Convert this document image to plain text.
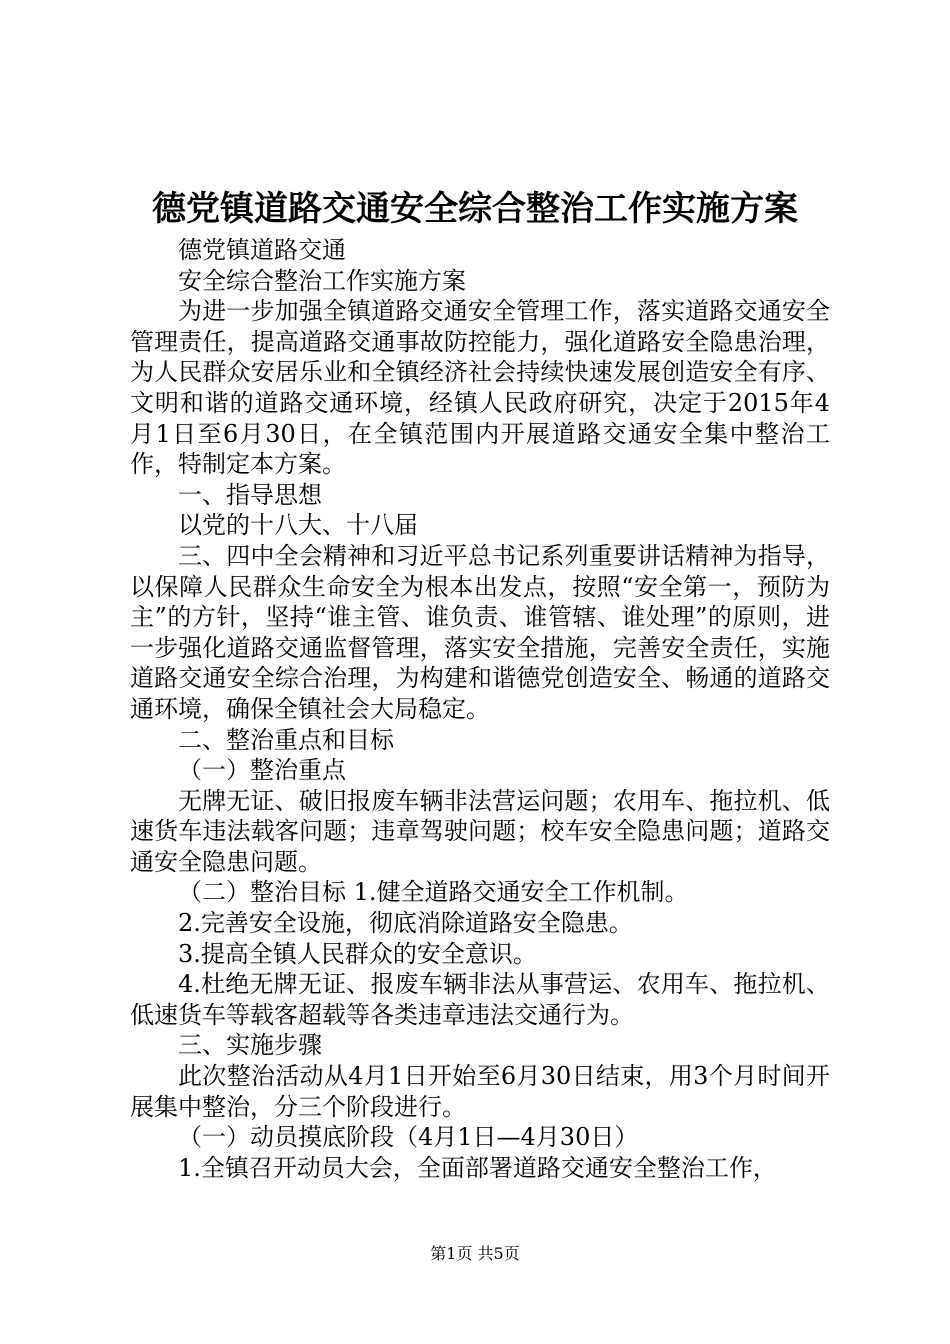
德党镇道路交通安全综合整治工作实施方案

德党镇道路交通

安全综合整治工作实施方案

为进一步加强全镇道路交通安全管理工作，落实道路交通安全管理责任，提高道路交通事故防控能力，强化道路安全隐患治理，为人民群众安居乐业和全镇经济社会持续快速发展创造安全有序、文明和谐的道路交通环境，经镇人民政府研究，决定于2015年4月1日至6月30日，在全镇范围内开展道路交通安全集中整治工作，特制定本方案。

一、指导思想

以党的十八大、十八届

三、四中全会精神和习近平总书记系列重要讲话精神为指导，以保障人民群众生命安全为根本出发点，按照“安全第一，预防为主”的方针，坚持“谁主管、谁负责、谁管辖、谁处理”的原则，进一步强化道路交通监督管理，落实安全措施，完善安全责任，实施道路交通安全综合治理，为构建和谐德党创造安全、畅通的道路交通环境，确保全镇社会大局稳定。

二、整治重点和目标

（一）整治重点

无牌无证、破旧报废车辆非法营运问题；农用车、拖拉机、低速货车违法载客问题；违章驾驶问题；校车安全隐患问题；道路交通安全隐患问题。

（二）整治目标 1.健全道路交通安全工作机制。

2.完善安全设施，彻底消除道路安全隐患。

3.提高全镇人民群众的安全意识。

4.杜绝无牌无证、报废车辆非法从事营运、农用车、拖拉机、低速货车等载客超载等各类违章违法交通行为。

三、实施步骤

此次整治活动从4月1日开始至6月30日结束，用3个月时间开展集中整治，分三个阶段进行。

（一）动员摸底阶段（4月1日—4月30日）

1.全镇召开动员大会，全面部署道路交通安全整治工作，

第1页 共5页
